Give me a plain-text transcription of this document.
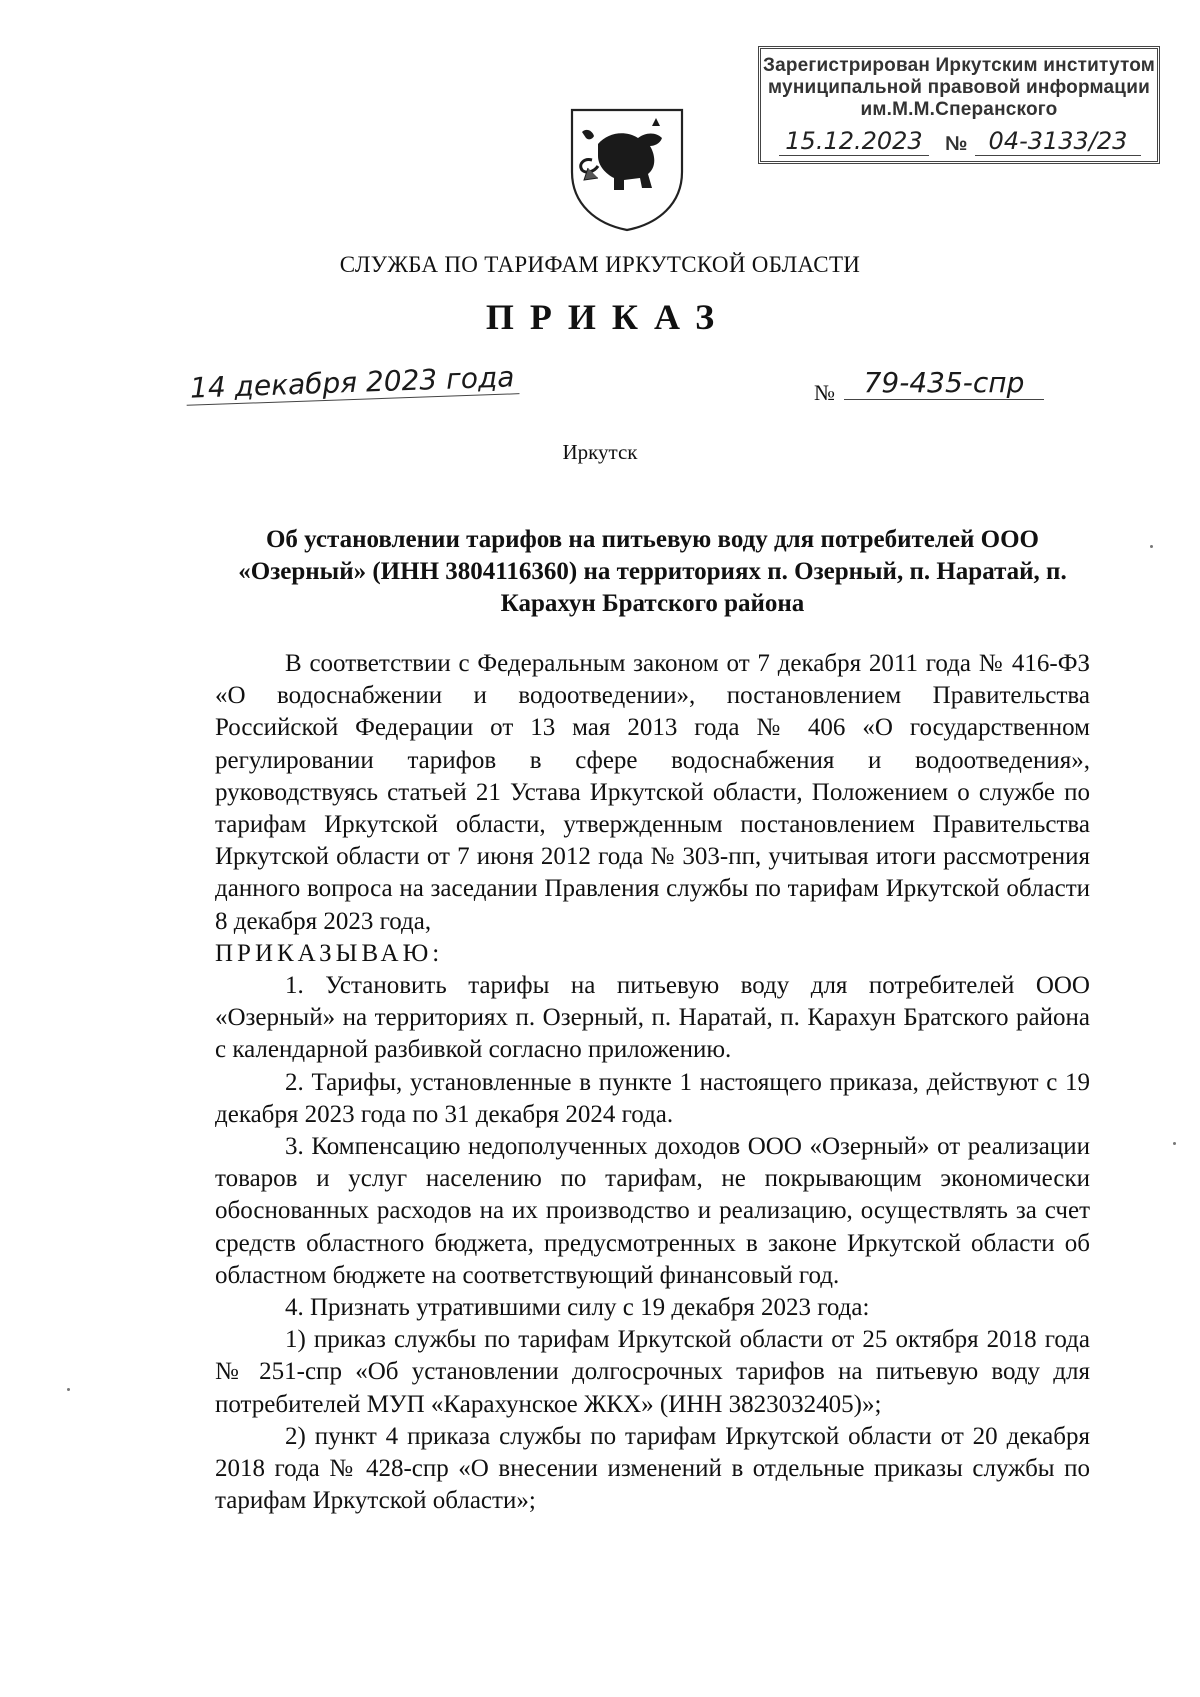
Зарегистрирован Иркутским институтом
муниципальной правовой информации
им.М.М.Сперанского
15.12.2023	№ 04-3133/23
СЛУЖБА ПО ТАРИФАМ ИРКУТСКОЙ ОБЛАСТИ
ПРИКАЗ
14 декабря 2023 года	№	79-435-спр
Иркутск
Об установлении тарифов на питьевую воду для потребителей ООО «Озерный» (ИНН 3804116360) на территориях п. Озерный, п. Наратай, п. Карахун Братского района

В соответствии с Федеральным законом от 7 декабря 2011 года № 416-ФЗ «О водоснабжении и водоотведении», постановлением Правительства Российской Федерации от 13 мая 2013 года № 406 «О государственном регулировании тарифов в сфере водоснабжения и водоотведения», руководствуясь статьей 21 Устава Иркутской области, Положением о службе по тарифам Иркутской области, утвержденным постановлением Правительства Иркутской области от 7 июня 2012 года № 303-пп, учитывая итоги рассмотрения данного вопроса на заседании Правления службы по тарифам Иркутской области 8 декабря 2023 года,

ПРИКАЗЫВАЮ:

1. Установить тарифы на питьевую воду для потребителей ООО «Озерный» на территориях п. Озерный, п. Наратай, п. Карахун Братского района с календарной разбивкой согласно приложению.

2. Тарифы, установленные в пункте 1 настоящего приказа, действуют с 19 декабря 2023 года по 31 декабря 2024 года.

3. Компенсацию недополученных доходов ООО «Озерный» от реализации товаров и услуг населению по тарифам, не покрывающим экономически обоснованных расходов на их производство и реализацию, осуществлять за счет средств областного бюджета, предусмотренных в законе Иркутской области об областном бюджете на соответствующий финансовый год.

4. Признать утратившими силу с 19 декабря 2023 года:

1) приказ службы по тарифам Иркутской области от 25 октября 2018 года № 251-спр «Об установлении долгосрочных тарифов на питьевую воду для потребителей МУП «Карахунское ЖКХ» (ИНН 3823032405)»;

2) пункт 4 приказа службы по тарифам Иркутской области от 20 декабря 2018 года № 428-спр «О внесении изменений в отдельные приказы службы по тарифам Иркутской области»;
